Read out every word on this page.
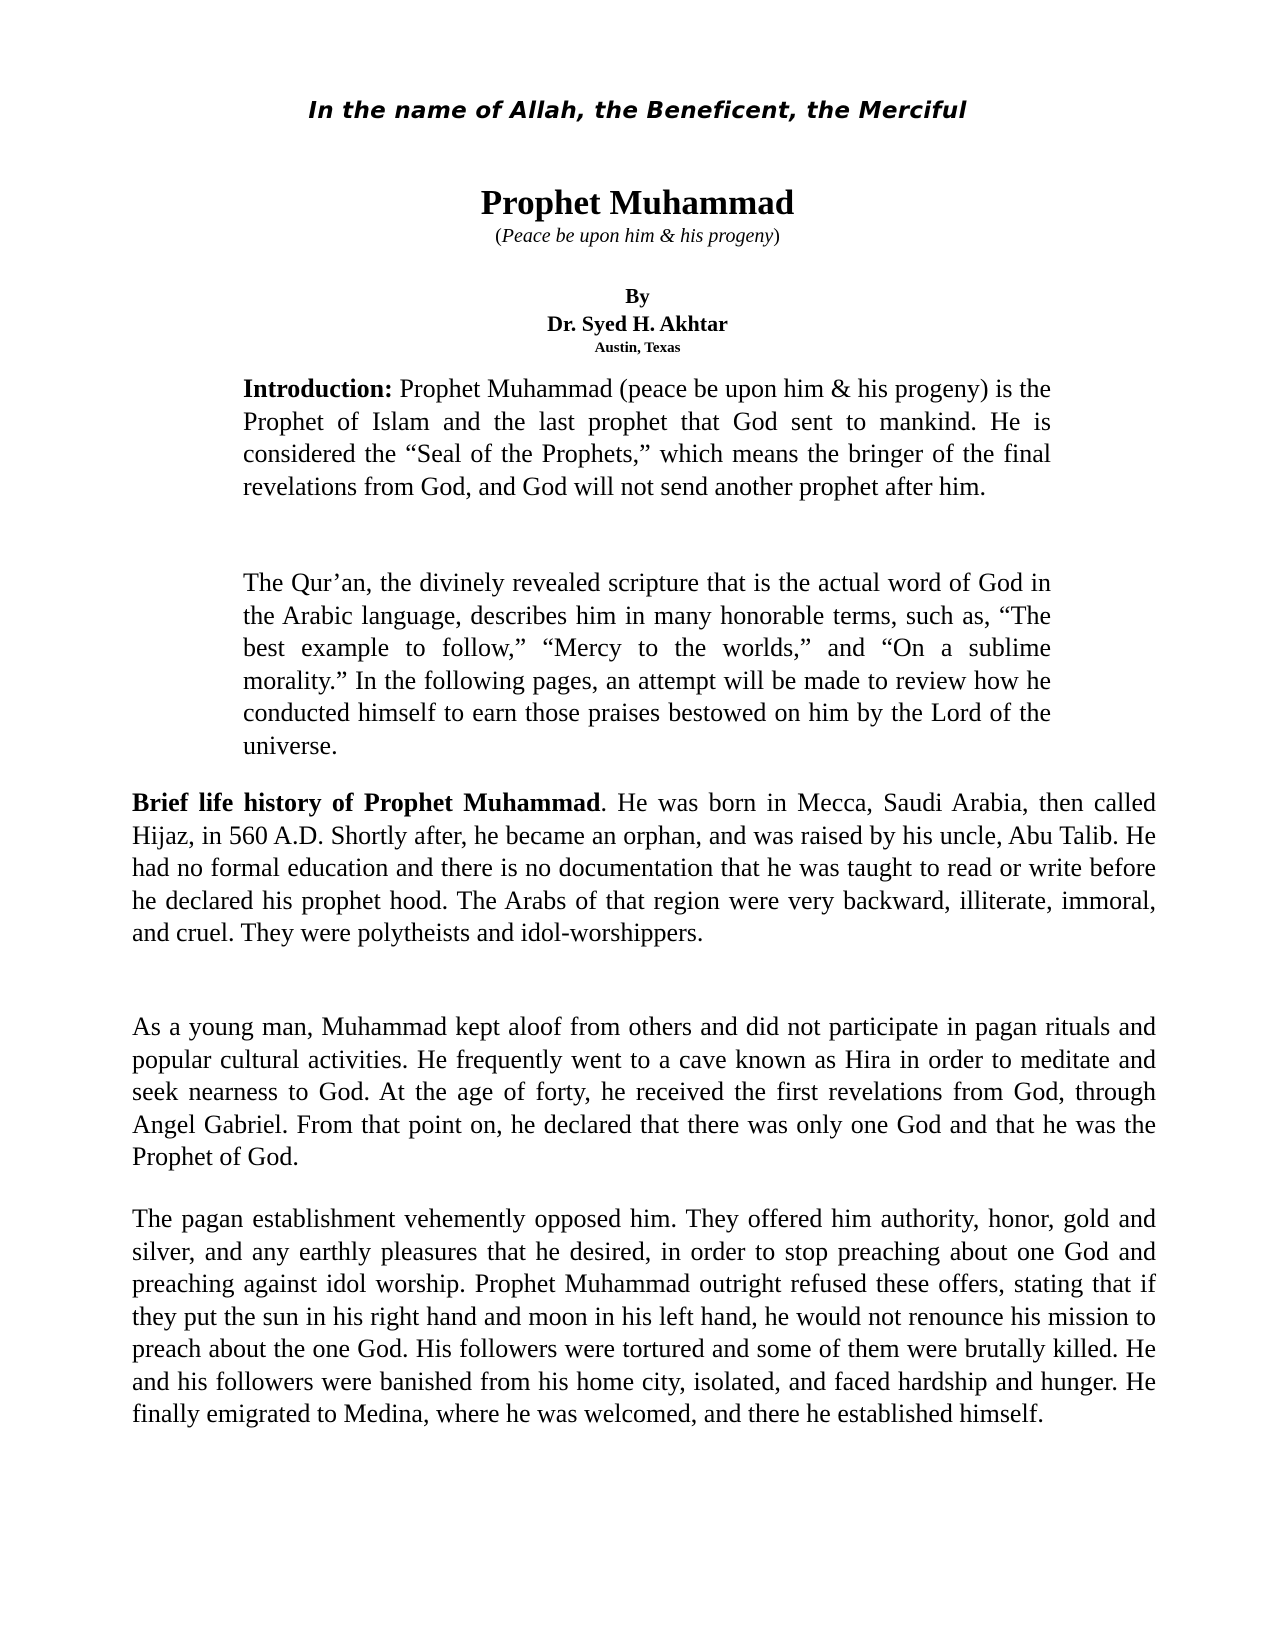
In the name of Allah, the Beneficent, the Merciful
Prophet Muhammad
(Peace be upon him & his progeny)
By
Dr. Syed H. Akhtar
Austin, Texas

Introduction: Prophet Muhammad (peace be upon him & his progeny) is the Prophet of Islam and the last prophet that God sent to mankind. He is considered the “Seal of the Prophets,” which means the bringer of the final revelations from God, and God will not send another prophet after him.

The Qur’an, the divinely revealed scripture that is the actual word of God in the Arabic language, describes him in many honorable terms, such as, “The best example to follow,” “Mercy to the worlds,” and “On a sublime morality.” In the following pages, an attempt will be made to review how he conducted himself to earn those praises bestowed on him by the Lord of the universe.

Brief life history of Prophet Muhammad. He was born in Mecca, Saudi Arabia, then called Hijaz, in 560 A.D. Shortly after, he became an orphan, and was raised by his uncle, Abu Talib. He had no formal education and there is no documentation that he was taught to read or write before he declared his prophet hood. The Arabs of that region were very backward, illiterate, immoral, and cruel. They were polytheists and idol-worshippers.

As a young man, Muhammad kept aloof from others and did not participate in pagan rituals and popular cultural activities. He frequently went to a cave known as Hira in order to meditate and seek nearness to God. At the age of forty, he received the first revelations from God, through Angel Gabriel. From that point on, he declared that there was only one God and that he was the Prophet of God.

The pagan establishment vehemently opposed him. They offered him authority, honor, gold and silver, and any earthly pleasures that he desired, in order to stop preaching about one God and preaching against idol worship. Prophet Muhammad outright refused these offers, stating that if they put the sun in his right hand and moon in his left hand, he would not renounce his mission to preach about the one God. His followers were tortured and some of them were brutally killed. He and his followers were banished from his home city, isolated, and faced hardship and hunger. He finally emigrated to Medina, where he was welcomed, and there he established himself.
